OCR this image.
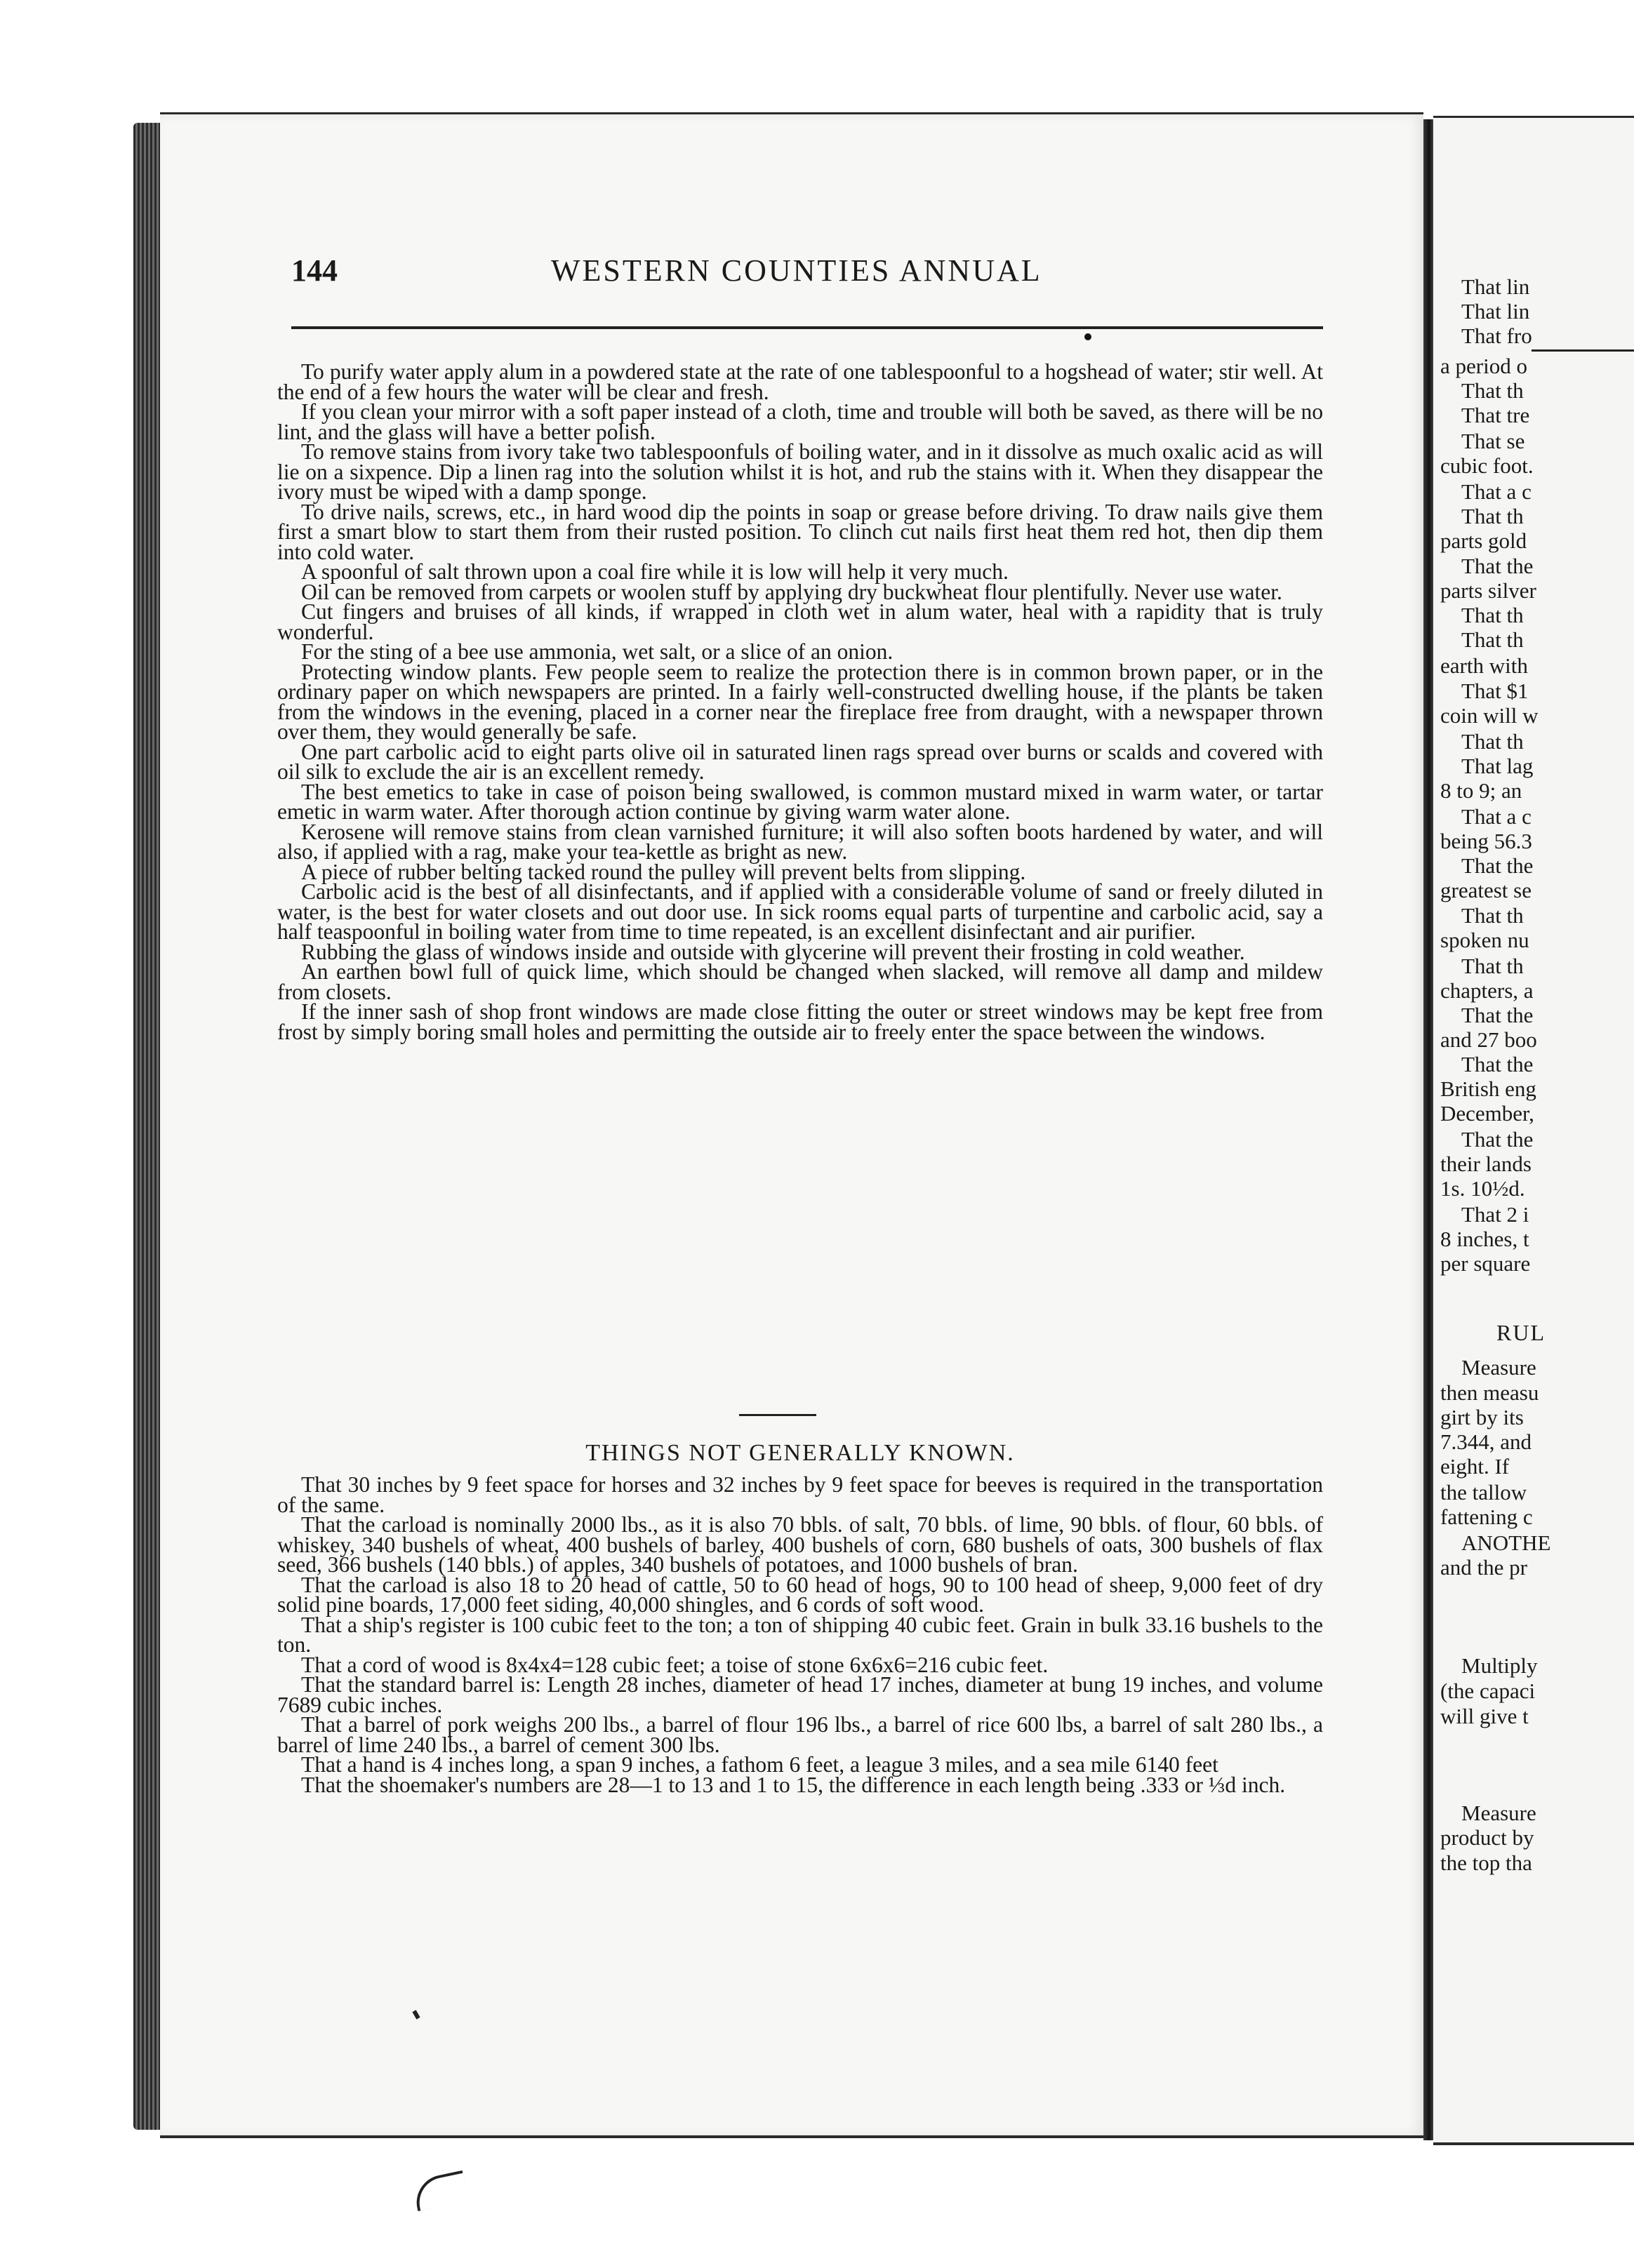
That lin
That lin
That fro
a period o
That th
That tre
That se
cubic foot.
That a c
That th
parts gold
That the
parts silver
That th
That th
earth with
That $1
coin will w
That th
That lag
8 to 9; an
That a c
being 56.3
That the
greatest se
That th
spoken nu
That th
chapters, a
That the
and 27 boo
That the
British eng
December,
That the
their lands
1s. 10½d.
That 2 i
8 inches, t
per square
RUL
Measure
then measu
girt by its
7.344, and
eight. If
the tallow
fattening c
ANOTHE
and the pr
Multiply
(the capaci
will give t
Measure
product by
the top tha
144	WESTERN COUNTIES ANNUAL

To purify water apply alum in a powdered state at the rate of one tablespoonful to a hogshead of water; stir well. At the end of a few hours the water will be clear and fresh.

If you clean your mirror with a soft paper instead of a cloth, time and trouble will both be saved, as there will be no lint, and the glass will have a better polish.

To remove stains from ivory take two tablespoonfuls of boiling water, and in it dissolve as much oxalic acid as will lie on a sixpence. Dip a linen rag into the solution whilst it is hot, and rub the stains with it. When they disappear the ivory must be wiped with a damp sponge.

To drive nails, screws, etc., in hard wood dip the points in soap or grease before driving. To draw nails give them first a smart blow to start them from their rusted position. To clinch cut nails first heat them red hot, then dip them into cold water.

A spoonful of salt thrown upon a coal fire while it is low will help it very much.

Oil can be removed from carpets or woolen stuff by applying dry buckwheat flour plentifully. Never use water.

Cut fingers and bruises of all kinds, if wrapped in cloth wet in alum water, heal with a rapidity that is truly wonderful.

For the sting of a bee use ammonia, wet salt, or a slice of an onion.

Protecting window plants. Few people seem to realize the protection there is in common brown paper, or in the ordinary paper on which newspapers are printed. In a fairly well-constructed dwelling house, if the plants be taken from the windows in the evening, placed in a corner near the fireplace free from draught, with a newspaper thrown over them, they would generally be safe.

One part carbolic acid to eight parts olive oil in saturated linen rags spread over burns or scalds and covered with oil silk to exclude the air is an excellent remedy.

The best emetics to take in case of poison being swallowed, is common mustard mixed in warm water, or tartar emetic in warm water. After thorough action continue by giving warm water alone.

Kerosene will remove stains from clean varnished furniture; it will also soften boots hardened by water, and will also, if applied with a rag, make your tea-kettle as bright as new.

A piece of rubber belting tacked round the pulley will prevent belts from slipping.

Carbolic acid is the best of all disinfectants, and if applied with a considerable volume of sand or freely diluted in water, is the best for water closets and out door use. In sick rooms equal parts of turpentine and carbolic acid, say a half teaspoonful in boiling water from time to time repeated, is an excellent disinfectant and air purifier.

Rubbing the glass of windows inside and outside with glycerine will prevent their frosting in cold weather.

An earthen bowl full of quick lime, which should be changed when slacked, will remove all damp and mildew from closets.

If the inner sash of shop front windows are made close fitting the outer or street windows may be kept free from frost by simply boring small holes and permitting the outside air to freely enter the space between the windows.

THINGS NOT GENERALLY KNOWN.

That 30 inches by 9 feet space for horses and 32 inches by 9 feet space for beeves is required in the transportation of the same.

That the carload is nominally 2000 lbs., as it is also 70 bbls. of salt, 70 bbls. of lime, 90 bbls. of flour, 60 bbls. of whiskey, 340 bushels of wheat, 400 bushels of barley, 400 bushels of corn, 680 bushels of oats, 300 bushels of flax seed, 366 bushels (140 bbls.) of apples, 340 bushels of potatoes, and 1000 bushels of bran.

That the carload is also 18 to 20 head of cattle, 50 to 60 head of hogs, 90 to 100 head of sheep, 9,000 feet of dry solid pine boards, 17,000 feet siding, 40,000 shingles, and 6 cords of soft wood.

That a ship's register is 100 cubic feet to the ton; a ton of shipping 40 cubic feet. Grain in bulk 33.16 bushels to the ton.

That a cord of wood is 8x4x4=128 cubic feet; a toise of stone 6x6x6=216 cubic feet.

That the standard barrel is: Length 28 inches, diameter of head 17 inches, diameter at bung 19 inches, and volume 7689 cubic inches.

That a barrel of pork weighs 200 lbs., a barrel of flour 196 lbs., a barrel of rice 600 lbs, a barrel of salt 280 lbs., a barrel of lime 240 lbs., a barrel of cement 300 lbs.

That a hand is 4 inches long, a span 9 inches, a fathom 6 feet, a league 3 miles, and a sea mile 6140 feet

That the shoemaker's numbers are 28—1 to 13 and 1 to 15, the difference in each length being .333 or ⅓d inch.
